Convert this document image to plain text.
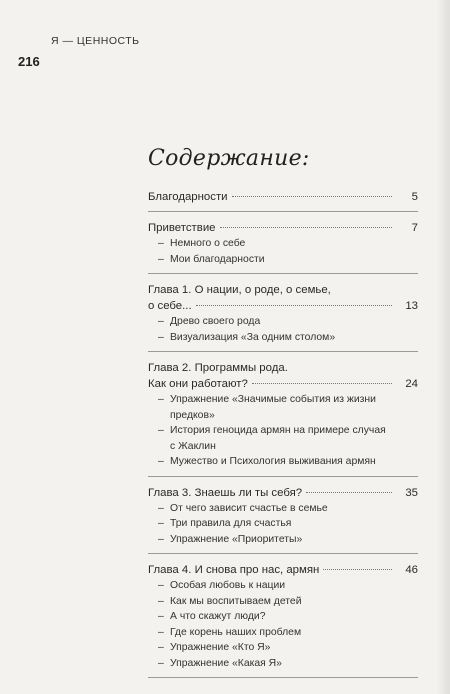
Я — ЦЕННОСТЬ
216
Содержание:
Благодарности	5
Приветствие	7
– Немного о себе
– Мои благодарности
Глава 1. О нации, о роде, о семье,
о себе...	13
– Древо своего рода
– Визуализация «За одним столом»
Глава 2. Программы рода.
Как они работают?	24
– Упражнение «Значимые события из жизни предков»
– История геноцида армян на примере случая с Жаклин
– Мужество и Психология выживания армян
Глава 3. Знаешь ли ты себя?	35
– От чего зависит счастье в семье
– Три правила для счастья
– Упражнение «Приоритеты»
Глава 4. И снова про нас, армян	46
– Особая любовь к нации
– Как мы воспитываем детей
– А что скажут люди?
– Где корень наших проблем
– Упражнение «Кто Я»
– Упражнение «Какая Я»
